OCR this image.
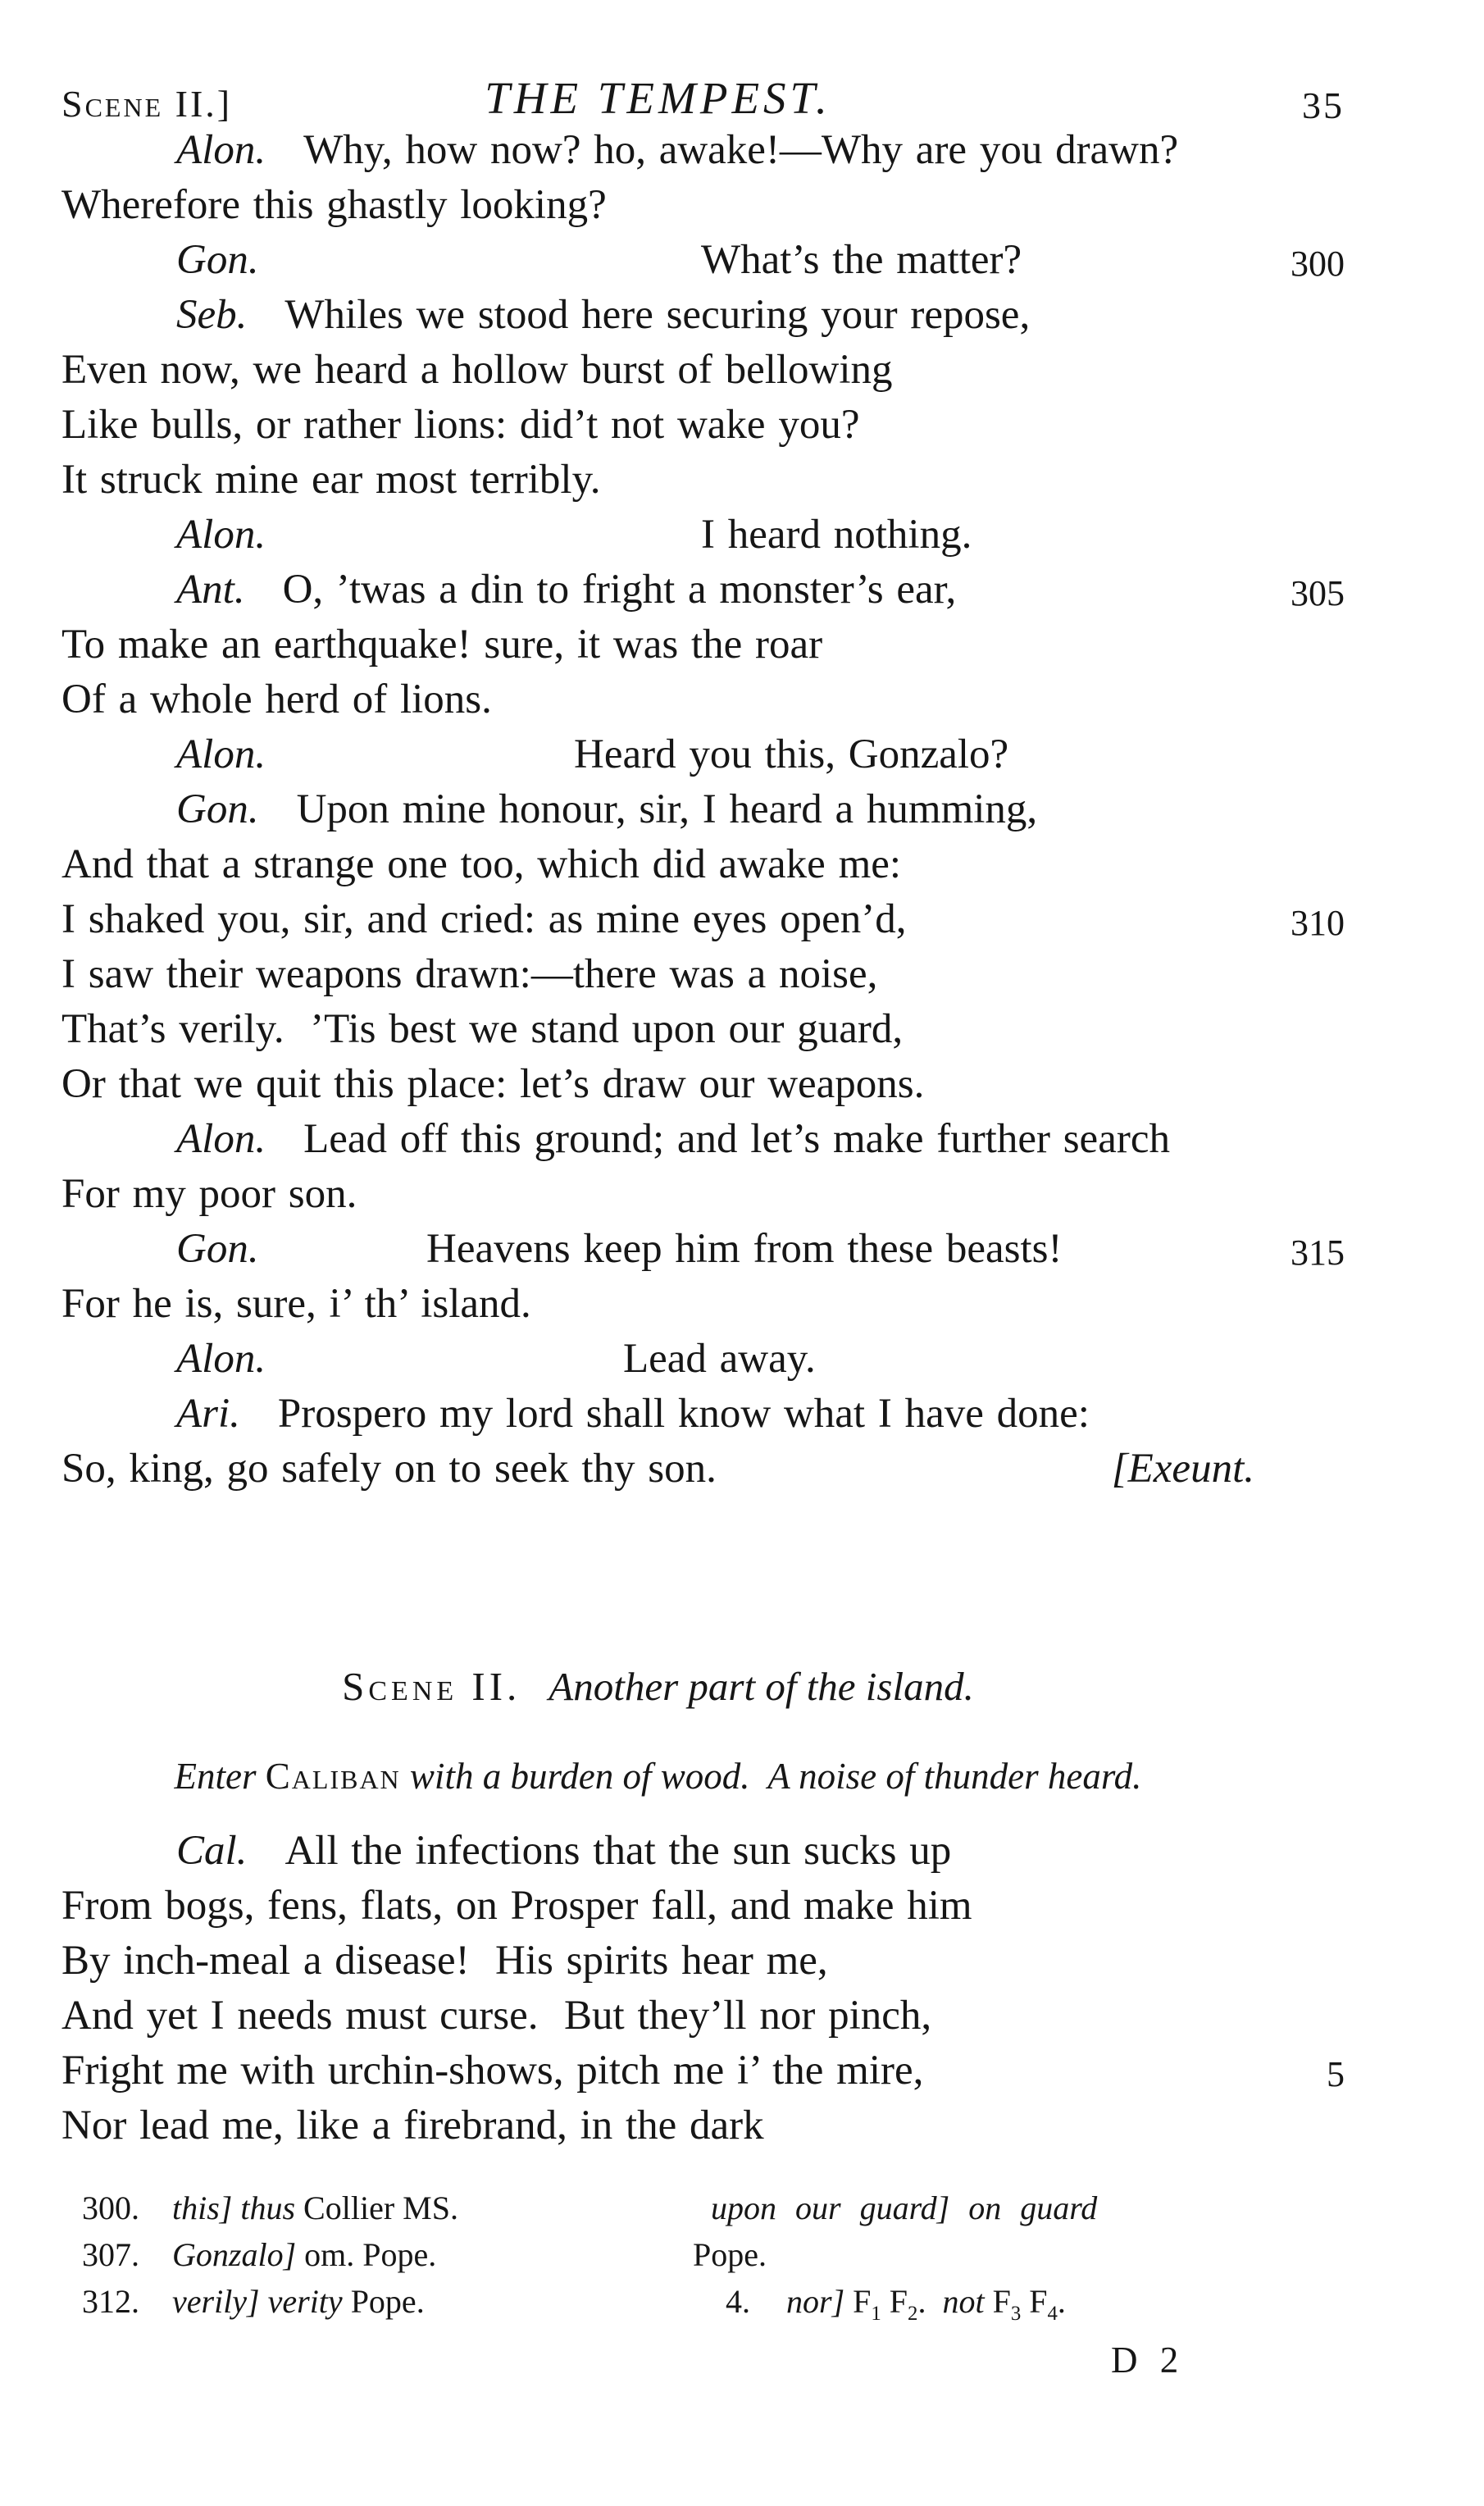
Scene II.]	THE TEMPEST.	35
Alon. Why, how now? ho, awake!—Why are you drawn?
Wherefore this ghastly looking?
Gon.	What’s the matter?	300
Seb. Whiles we stood here securing your repose,
Even now, we heard a hollow burst of bellowing
Like bulls, or rather lions: did’t not wake you?
It struck mine ear most terribly.
Alon.	I heard nothing.
Ant. O, ’twas a din to fright a monster’s ear,	305
To make an earthquake! sure, it was the roar
Of a whole herd of lions.
Alon.	Heard you this, Gonzalo?
Gon. Upon mine honour, sir, I heard a humming,
And that a strange one too, which did awake me:
I shaked you, sir, and cried: as mine eyes open’d,	310
I saw their weapons drawn:—there was a noise,
That’s verily.  ’Tis best we stand upon our guard,
Or that we quit this place: let’s draw our weapons.
Alon. Lead off this ground; and let’s make further search
For my poor son.
Gon.	Heavens keep him from these beasts!	315
For he is, sure, i’ th’ island.
Alon.	Lead away.
Ari. Prospero my lord shall know what I have done:
So, king, go safely on to seek thy son.	[Exeunt.
Scene II. Another part of the island.
Enter Caliban with a burden of wood.  A noise of thunder heard.
Cal. All the infections that the sun sucks up
From bogs, fens, flats, on Prosper fall, and make him
By inch-meal a disease!  His spirits hear me,
And yet I needs must curse.  But they’ll nor pinch,
Fright me with urchin-shows, pitch me i’ the mire,	5
Nor lead me, like a firebrand, in the dark
300. this] thus Collier MS.
307. Gonzalo] om. Pope.
312. verily] verity Pope.
upon our guard] on guard
Pope.
4. nor] $F_1$ $F_2$.  not $F_3$ $F_4$.
D 2
